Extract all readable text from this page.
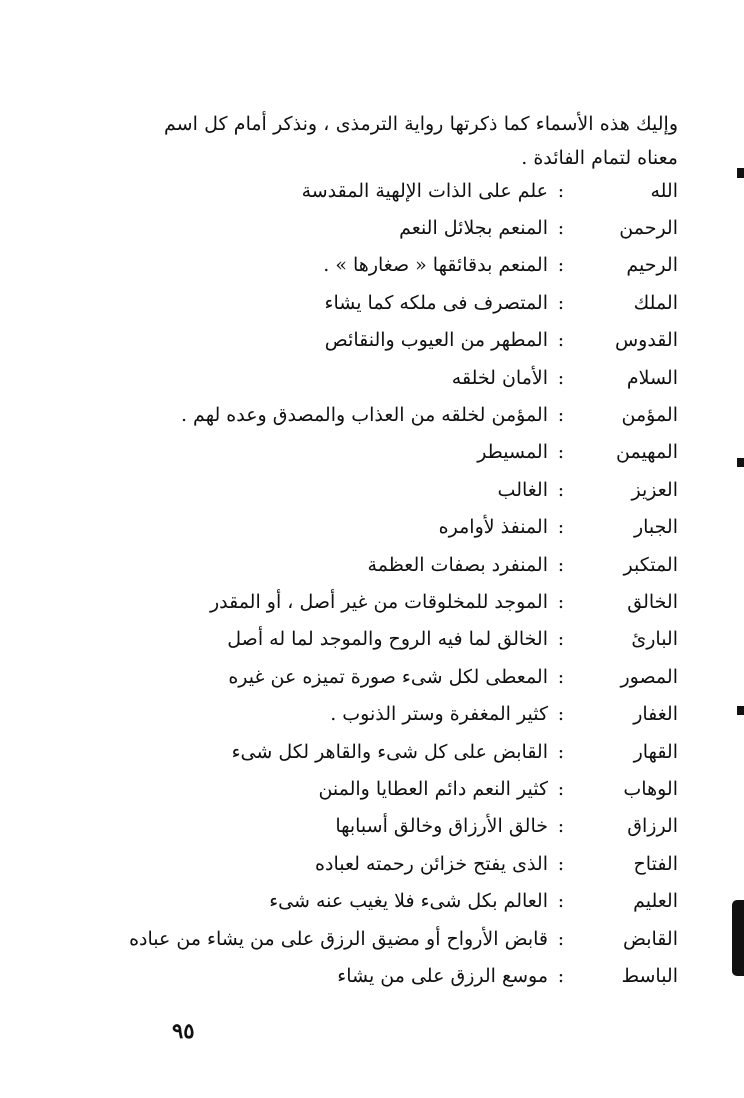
وإليك هذه الأسماء كما ذكرتها رواية الترمذى ، ونذكر أمام كل اسم معناه لتمام الفائدة .

الله
:
علم على الذات الإلهية المقدسة
الرحمن
:
المنعم بجلائل النعم
الرحيم
:
المنعم بدقائقها « صغارها » .
الملك
:
المتصرف فى ملكه كما يشاء
القدوس
:
المطهر من العيوب والنقائص
السلام
:
الأمان لخلقه
المؤمن
:
المؤمن لخلقه من العذاب والمصدق وعده لهم .
المهيمن
:
المسيطر
العزيز
:
الغالب
الجبار
:
المنفذ لأوامره
المتكبر
:
المنفرد بصفات العظمة
الخالق
:
الموجد للمخلوقات من غير أصل ، أو المقدر
البارئ
:
الخالق لما فيه الروح والموجد لما له أصل
المصور
:
المعطى لكل شىء صورة تميزه عن غيره
الغفار
:
كثير المغفرة وستر الذنوب .
القهار
:
القابض على كل شىء والقاهر لكل شىء
الوهاب
:
كثير النعم دائم العطايا والمنن
الرزاق
:
خالق الأرزاق وخالق أسبابها
الفتاح
:
الذى يفتح خزائن رحمته لعباده
العليم
:
العالم بكل شىء فلا يغيب عنه شىء
القابض
:
قابض الأرواح أو مضيق الرزق على من يشاء من عباده
الباسط
:
موسع الرزق على من يشاء
٩٥
